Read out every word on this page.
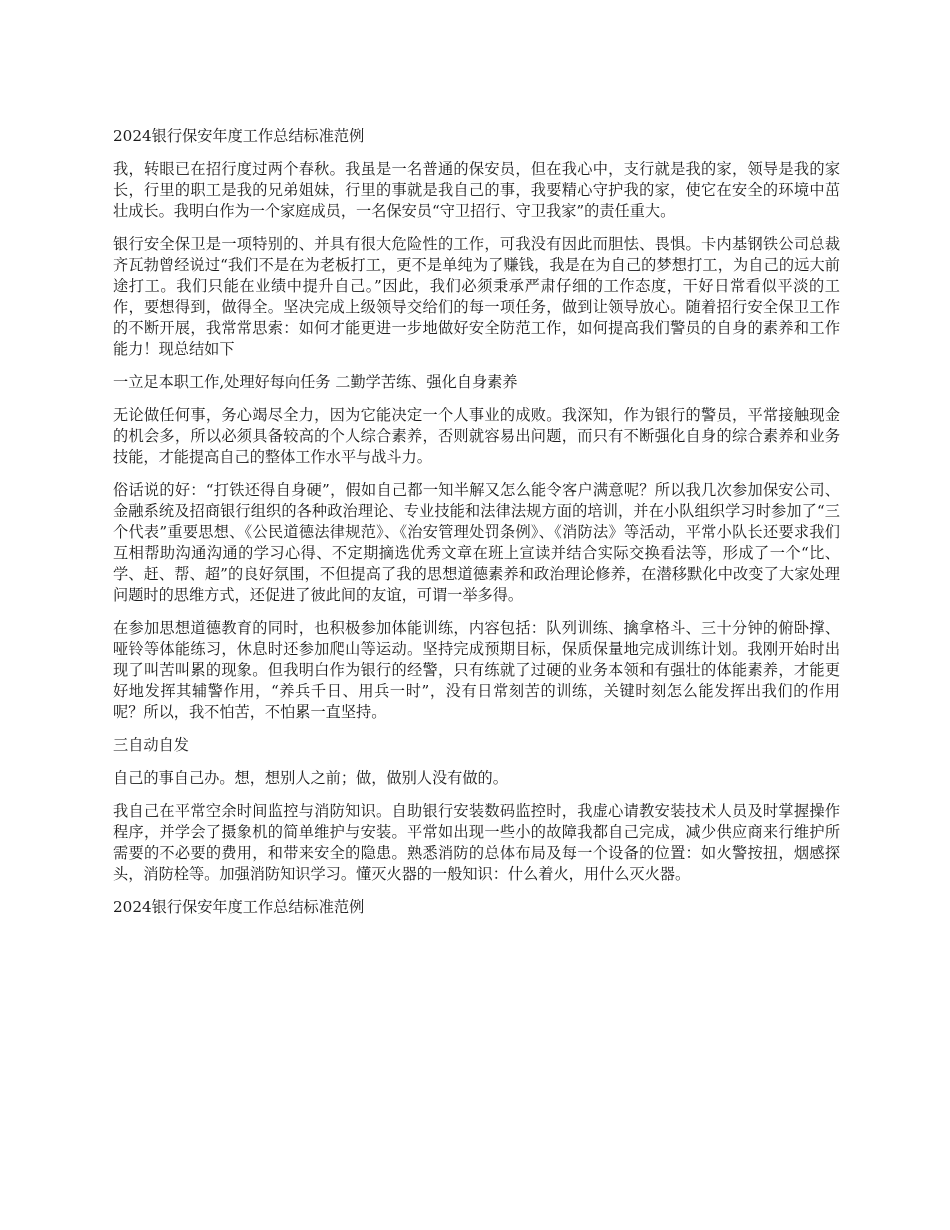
2024银行保安年度工作总结标准范例

我，转眼已在招行度过两个春秋。我虽是一名普通的保安员，但在我心中，支行就是我的家，领导是我的家长，行里的职工是我的兄弟姐妹，行里的事就是我自己的事，我要精心守护我的家，使它在安全的环境中茁壮成长。我明白作为一个家庭成员，一名保安员“守卫招行、守卫我家”的责任重大。

银行安全保卫是一项特别的、并具有很大危险性的工作，可我没有因此而胆怯、畏惧。卡内基钢铁公司总裁齐瓦勃曾经说过“我们不是在为老板打工，更不是单纯为了赚钱，我是在为自己的梦想打工，为自己的远大前途打工。我们只能在业绩中提升自己。”因此，我们必须秉承严肃仔细的工作态度，干好日常看似平淡的工作，要想得到，做得全。坚决完成上级领导交给们的每一项任务，做到让领导放心。随着招行安全保卫工作的不断开展，我常常思索：如何才能更进一步地做好安全防范工作，如何提高我们警员的自身的素养和工作能力！现总结如下

一立足本职工作,处理好每向任务 二勤学苦练、强化自身素养

无论做任何事，务心竭尽全力，因为它能决定一个人事业的成败。我深知，作为银行的警员，平常接触现金的机会多，所以必须具备较高的个人综合素养，否则就容易出问题，而只有不断强化自身的综合素养和业务技能，才能提高自己的整体工作水平与战斗力。

俗话说的好：“打铁还得自身硬”，假如自己都一知半解又怎么能令客户满意呢？所以我几次参加保安公司、金融系统及招商银行组织的各种政治理论、专业技能和法律法规方面的培训，并在小队组织学习时参加了“三个代表”重要思想、《公民道德法律规范》、《治安管理处罚条例》、《消防法》等活动，平常小队长还要求我们互相帮助沟通沟通的学习心得、不定期摘选优秀文章在班上宣读并结合实际交换看法等，形成了一个“比、学、赶、帮、超”的良好氛围，不但提高了我的思想道德素养和政治理论修养，在潜移默化中改变了大家处理问题时的思维方式，还促进了彼此间的友谊，可谓一举多得。

在参加思想道德教育的同时，也积极参加体能训练，内容包括：队列训练、擒拿格斗、三十分钟的俯卧撑、哑铃等体能练习，休息时还参加爬山等运动。坚持完成预期目标，保质保量地完成训练计划。我刚开始时出现了叫苦叫累的现象。但我明白作为银行的经警，只有练就了过硬的业务本领和有强壮的体能素养，才能更好地发挥其辅警作用，“养兵千日、用兵一时”，没有日常刻苦的训练，关键时刻怎么能发挥出我们的作用呢？所以，我不怕苦，不怕累一直坚持。

三自动自发

自己的事自己办。想，想别人之前；做，做别人没有做的。

我自己在平常空余时间监控与消防知识。自助银行安装数码监控时，我虚心请教安装技术人员及时掌握操作程序，并学会了摄象机的简单维护与安装。平常如出现一些小的故障我都自己完成，减少供应商来行维护所需要的不必要的费用，和带来安全的隐患。熟悉消防的总体布局及每一个设备的位置：如火警按扭，烟感探头，消防栓等。加强消防知识学习。懂灭火器的一般知识：什么着火，用什么灭火器。

2024银行保安年度工作总结标准范例
